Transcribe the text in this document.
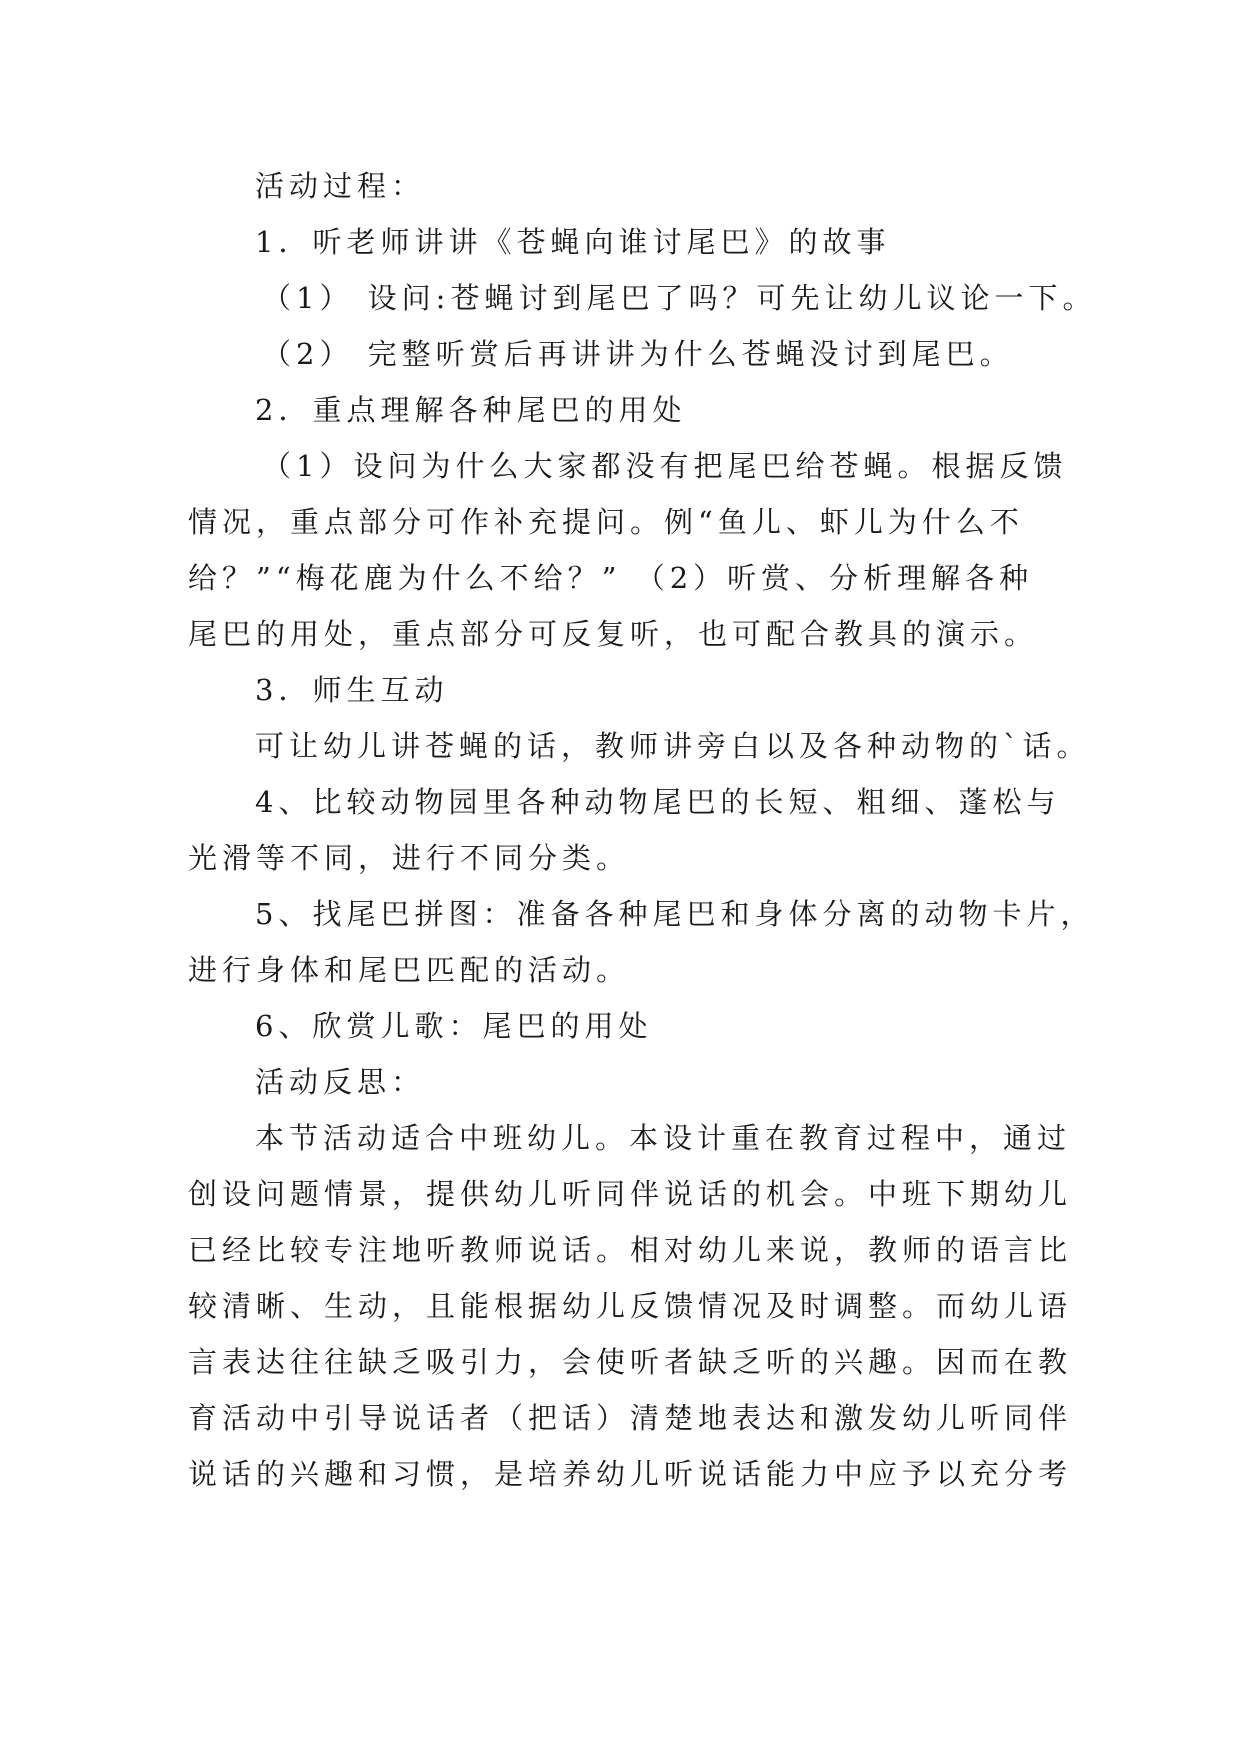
活动过程：
1．听老师讲讲《苍蝇向谁讨尾巴》的故事
（1） 设问:苍蝇讨到尾巴了吗？可先让幼儿议论一下。
（2） 完整听赏后再讲讲为什么苍蝇没讨到尾巴。
2．重点理解各种尾巴的用处
（1）设问为什么大家都没有把尾巴给苍蝇。根据反馈
情况，重点部分可作补充提问。例“鱼儿、虾儿为什么不
给？”“梅花鹿为什么不给？” （2）听赏、分析理解各种
尾巴的用处，重点部分可反复听，也可配合教具的演示。
3．师生互动
可让幼儿讲苍蝇的话，教师讲旁白以及各种动物的`话。
4、比较动物园里各种动物尾巴的长短、粗细、蓬松与
光滑等不同，进行不同分类。
5、找尾巴拼图：准备各种尾巴和身体分离的动物卡片，
进行身体和尾巴匹配的活动。
6、欣赏儿歌：尾巴的用处
活动反思：
本节活动适合中班幼儿。本设计重在教育过程中，通过
创设问题情景，提供幼儿听同伴说话的机会。中班下期幼儿
已经比较专注地听教师说话。相对幼儿来说，教师的语言比
较清晰、生动，且能根据幼儿反馈情况及时调整。而幼儿语
言表达往往缺乏吸引力，会使听者缺乏听的兴趣。因而在教
育活动中引导说话者（把话）清楚地表达和激发幼儿听同伴
说话的兴趣和习惯，是培养幼儿听说话能力中应予以充分考
